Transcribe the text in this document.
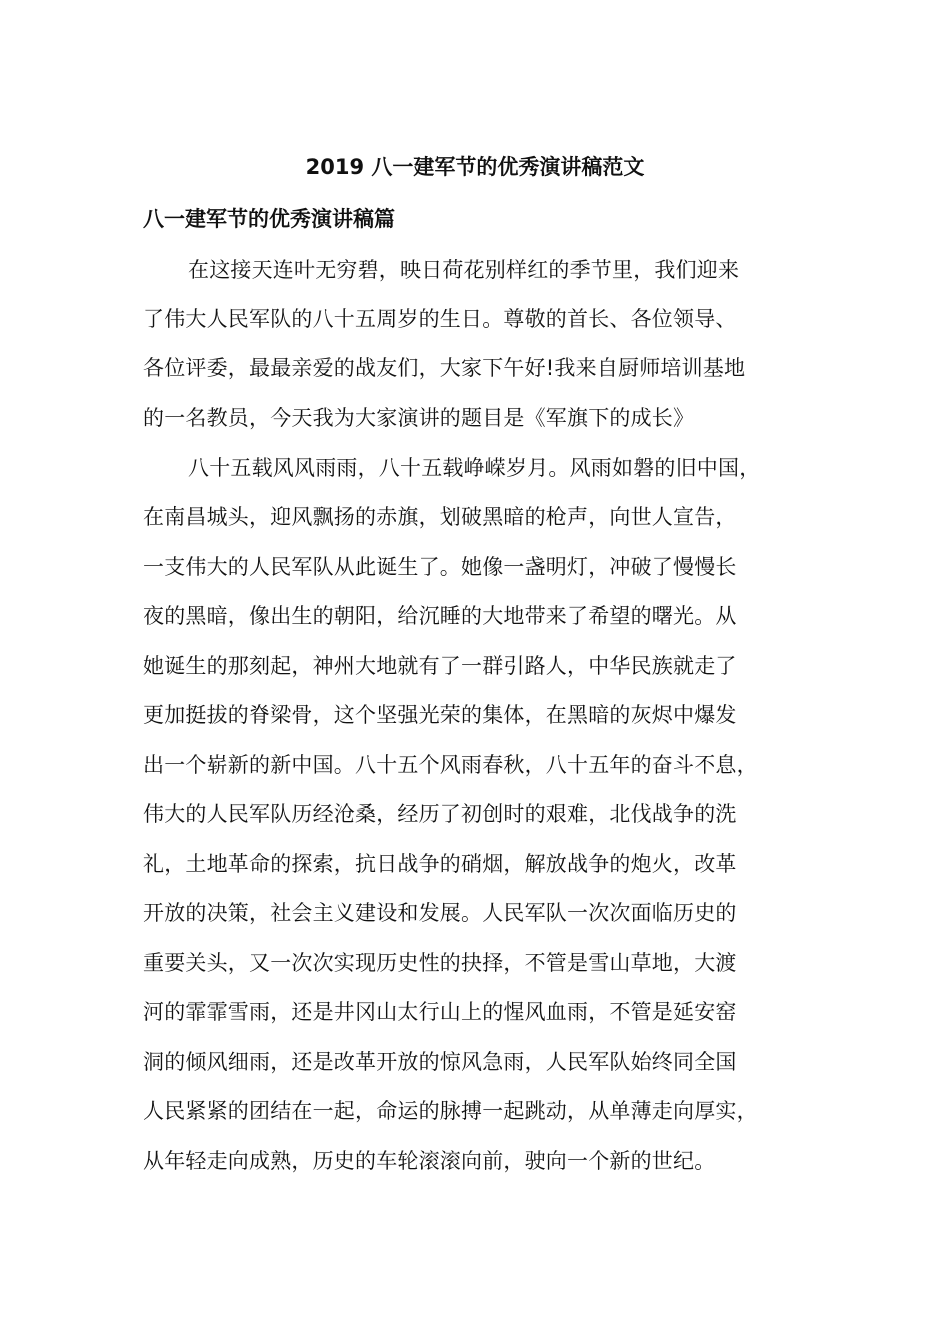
2019 八一建军节的优秀演讲稿范文
八一建军节的优秀演讲稿篇
在这接天连叶无穷碧，映日荷花别样红的季节里，我们迎来
了伟大人民军队的八十五周岁的生日。尊敬的首长、各位领导、
各位评委，最最亲爱的战友们，大家下午好!我来自厨师培训基地
的一名教员，今天我为大家演讲的题目是《军旗下的成长》
八十五载风风雨雨，八十五载峥嵘岁月。风雨如磐的旧中国，
在南昌城头，迎风飘扬的赤旗，划破黑暗的枪声，向世人宣告，
一支伟大的人民军队从此诞生了。她像一盏明灯，冲破了慢慢长
夜的黑暗，像出生的朝阳，给沉睡的大地带来了希望的曙光。从
她诞生的那刻起，神州大地就有了一群引路人，中华民族就走了
更加挺拔的脊梁骨，这个坚强光荣的集体，在黑暗的灰烬中爆发
出一个崭新的新中国。八十五个风雨春秋，八十五年的奋斗不息，
伟大的人民军队历经沧桑，经历了初创时的艰难，北伐战争的洗
礼，土地革命的探索，抗日战争的硝烟，解放战争的炮火，改革
开放的决策，社会主义建设和发展。人民军队一次次面临历史的
重要关头，又一次次实现历史性的抉择，不管是雪山草地，大渡
河的霏霏雪雨，还是井冈山太行山上的惺风血雨，不管是延安窑
洞的倾风细雨，还是改革开放的惊风急雨，人民军队始终同全国
人民紧紧的团结在一起，命运的脉搏一起跳动，从单薄走向厚实，
从年轻走向成熟，历史的车轮滚滚向前，驶向一个新的世纪。
